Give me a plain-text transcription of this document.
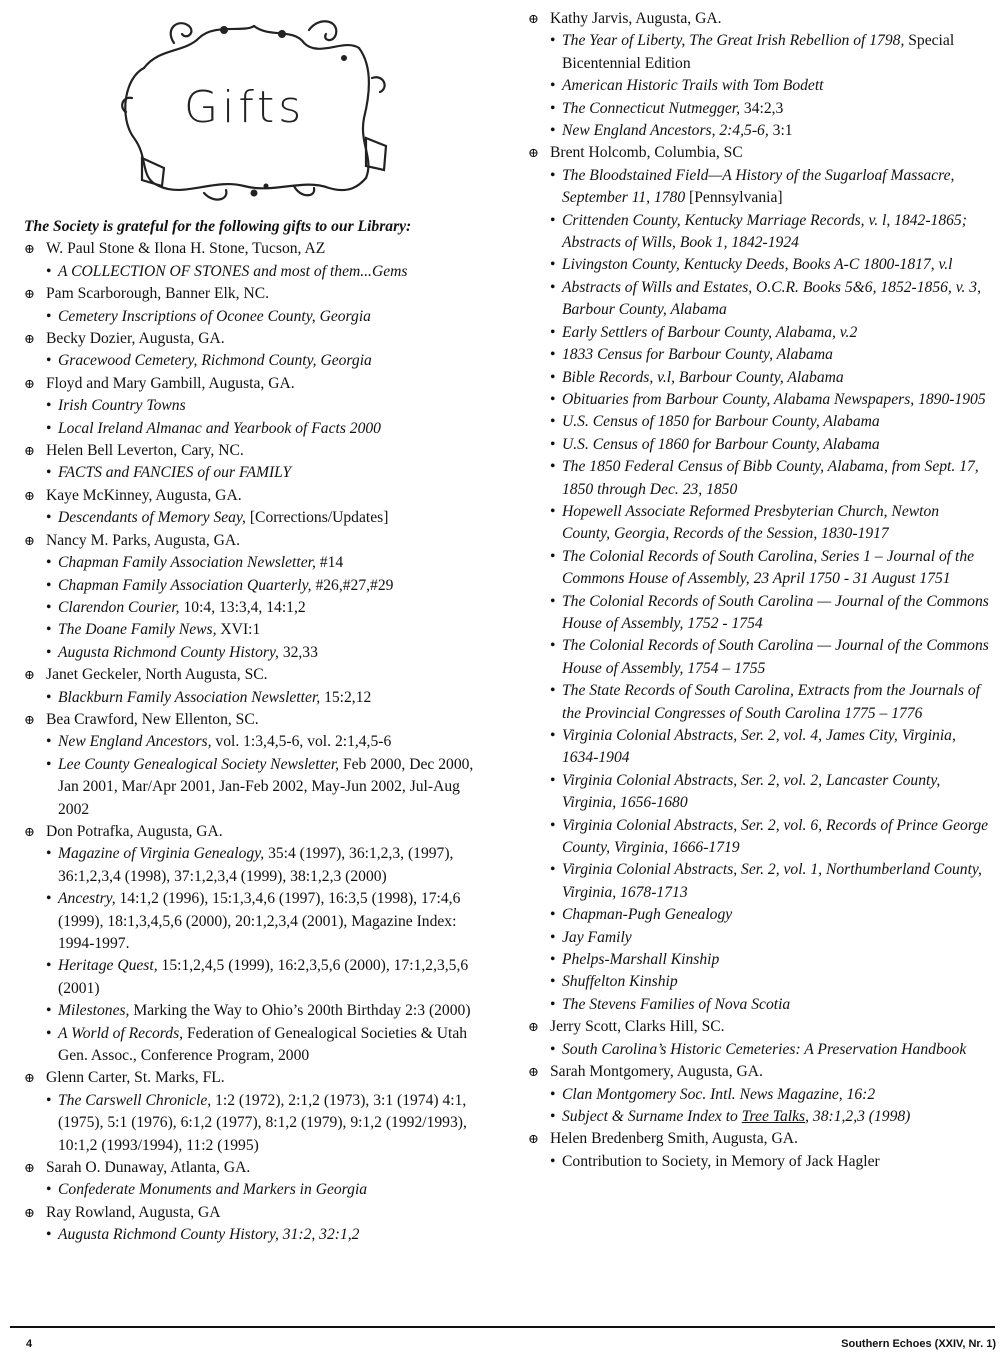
Gifts
The Society is grateful for the following gifts to our Library:
⊕ W. Paul Stone & Ilona H. Stone, Tucson, AZ
• A COLLECTION OF STONES and most of them...Gems
⊕ Pam Scarborough, Banner Elk, NC.
• Cemetery Inscriptions of Oconee County, Georgia
⊕ Becky Dozier, Augusta, GA.
• Gracewood Cemetery, Richmond County, Georgia
⊕ Floyd and Mary Gambill, Augusta, GA.
• Irish Country Towns
• Local Ireland Almanac and Yearbook of Facts 2000
⊕ Helen Bell Leverton, Cary, NC.
• FACTS and FANCIES of our FAMILY
⊕ Kaye McKinney, Augusta, GA.
• Descendants of Memory Seay, [Corrections/Updates]
⊕ Nancy M. Parks, Augusta, GA.
• Chapman Family Association Newsletter, #14
• Chapman Family Association Quarterly, #26,#27,#29
• Clarendon Courier, 10:4, 13:3,4, 14:1,2
• The Doane Family News, XVI:1
• Augusta Richmond County History, 32,33
⊕ Janet Geckeler, North Augusta, SC.
• Blackburn Family Association Newsletter, 15:2,12
⊕ Bea Crawford, New Ellenton, SC.
• New England Ancestors, vol. 1:3,4,5-6, vol. 2:1,4,5-6
• Lee County Genealogical Society Newsletter, Feb 2000, Dec 2000, Jan 2001, Mar/Apr 2001, Jan-Feb 2002, May-Jun 2002, Jul-Aug 2002
⊕ Don Potrafka, Augusta, GA.
• Magazine of Virginia Genealogy, 35:4 (1997), 36:1,2,3, (1997), 36:1,2,3,4 (1998), 37:1,2,3,4 (1999), 38:1,2,3 (2000)
• Ancestry, 14:1,2 (1996), 15:1,3,4,6 (1997), 16:3,5 (1998), 17:4,6 (1999), 18:1,3,4,5,6 (2000), 20:1,2,3,4 (2001), Magazine Index: 1994-1997.
• Heritage Quest, 15:1,2,4,5 (1999), 16:2,3,5,6 (2000), 17:1,2,3,5,6 (2001)
• Milestones, Marking the Way to Ohio’s 200th Birthday 2:3 (2000)
• A World of Records, Federation of Genealogical Societies & Utah Gen. Assoc., Conference Program, 2000
⊕ Glenn Carter, St. Marks, FL.
• The Carswell Chronicle, 1:2 (1972), 2:1,2 (1973), 3:1 (1974) 4:1, (1975), 5:1 (1976), 6:1,2 (1977), 8:1,2 (1979), 9:1,2 (1992/1993), 10:1,2 (1993/1994), 11:2 (1995)
⊕ Sarah O. Dunaway, Atlanta, GA.
• Confederate Monuments and Markers in Georgia
⊕ Ray Rowland, Augusta, GA
• Augusta Richmond County History, 31:2, 32:1,2
⊕ Kathy Jarvis, Augusta, GA.
• The Year of Liberty, The Great Irish Rebellion of 1798, Special Bicentennial Edition
• American Historic Trails with Tom Bodett
• The Connecticut Nutmegger, 34:2,3
• New England Ancestors, 2:4,5-6, 3:1
⊕ Brent Holcomb, Columbia, SC
• The Bloodstained Field—A History of the Sugarloaf Massacre, September 11, 1780 [Pennsylvania]
• Crittenden County, Kentucky Marriage Records, v. l, 1842-1865; Abstracts of Wills, Book 1, 1842-1924
• Livingston County, Kentucky Deeds, Books A-C 1800-1817, v.l
• Abstracts of Wills and Estates, O.C.R. Books 5&6, 1852-1856, v. 3, Barbour County, Alabama
• Early Settlers of Barbour County, Alabama, v.2
• 1833 Census for Barbour County, Alabama
• Bible Records, v.l, Barbour County, Alabama
• Obituaries from Barbour County, Alabama Newspapers, 1890-1905
• U.S. Census of 1850 for Barbour County, Alabama
• U.S. Census of 1860 for Barbour County, Alabama
• The 1850 Federal Census of Bibb County, Alabama, from Sept. 17, 1850 through Dec. 23, 1850
• Hopewell Associate Reformed Presbyterian Church, Newton County, Georgia, Records of the Session, 1830-1917
• The Colonial Records of South Carolina, Series 1 – Journal of the Commons House of Assembly, 23 April 1750 - 31 August 1751
• The Colonial Records of South Carolina — Journal of the Commons House of Assembly, 1752 - 1754
• The Colonial Records of South Carolina — Journal of the Commons House of Assembly, 1754 – 1755
• The State Records of South Carolina, Extracts from the Journals of the Provincial Congresses of South Carolina 1775 – 1776
• Virginia Colonial Abstracts, Ser. 2, vol. 4, James City, Virginia, 1634-1904
• Virginia Colonial Abstracts, Ser. 2, vol. 2, Lancaster County, Virginia, 1656-1680
• Virginia Colonial Abstracts, Ser. 2, vol. 6, Records of Prince George County, Virginia, 1666-1719
• Virginia Colonial Abstracts, Ser. 2, vol. 1, Northumberland County, Virginia, 1678-1713
• Chapman-Pugh Genealogy
• Jay Family
• Phelps-Marshall Kinship
• Shuffelton Kinship
• The Stevens Families of Nova Scotia
⊕ Jerry Scott, Clarks Hill, SC.
• South Carolina’s Historic Cemeteries: A Preservation Handbook
⊕ Sarah Montgomery, Augusta, GA.
• Clan Montgomery Soc. Intl. News Magazine, 16:2
• Subject & Surname Index to Tree Talks, 38:1,2,3 (1998)
⊕ Helen Bredenberg Smith, Augusta, GA.
• Contribution to Society, in Memory of Jack Hagler
4	Southern Echoes (XXIV, Nr. 1)
